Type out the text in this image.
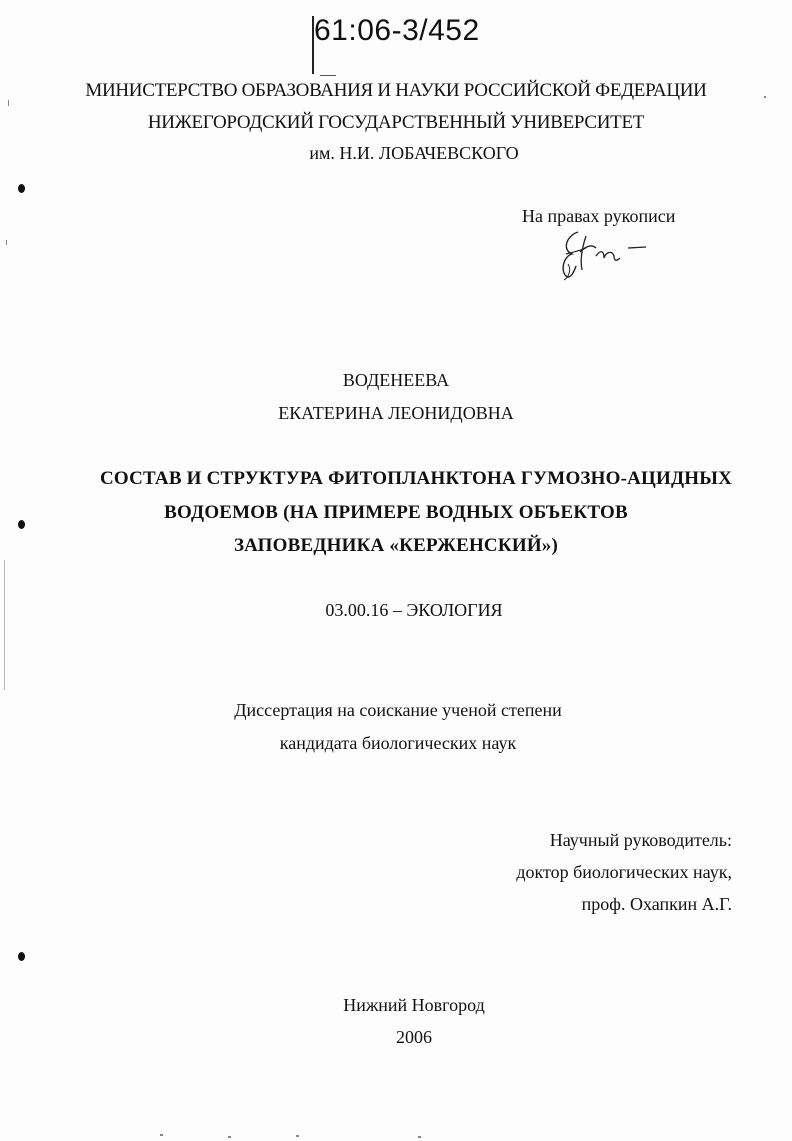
61:06-3/452
МИНИСТЕРСТВО ОБРАЗОВАНИЯ И НАУКИ РОССИЙСКОЙ ФЕДЕРАЦИИ
НИЖЕГОРОДСКИЙ ГОСУДАРСТВЕННЫЙ УНИВЕРСИТЕТ
им. Н.И. ЛОБАЧЕВСКОГО
На правах рукописи
ВОДЕНЕЕВА
ЕКАТЕРИНА ЛЕОНИДОВНА
СОСТАВ И СТРУКТУРА ФИТОПЛАНКТОНА ГУМОЗНО-АЦИДНЫХ
ВОДОЕМОВ (НА ПРИМЕРЕ ВОДНЫХ ОБЪЕКТОВ
ЗАПОВЕДНИКА «КЕРЖЕНСКИЙ»)
03.00.16 – ЭКОЛОГИЯ
Диссертация на соискание ученой степени
кандидата биологических наук
Научный руководитель:
доктор биологических наук,
проф. Охапкин А.Г.
Нижний Новгород
2006
